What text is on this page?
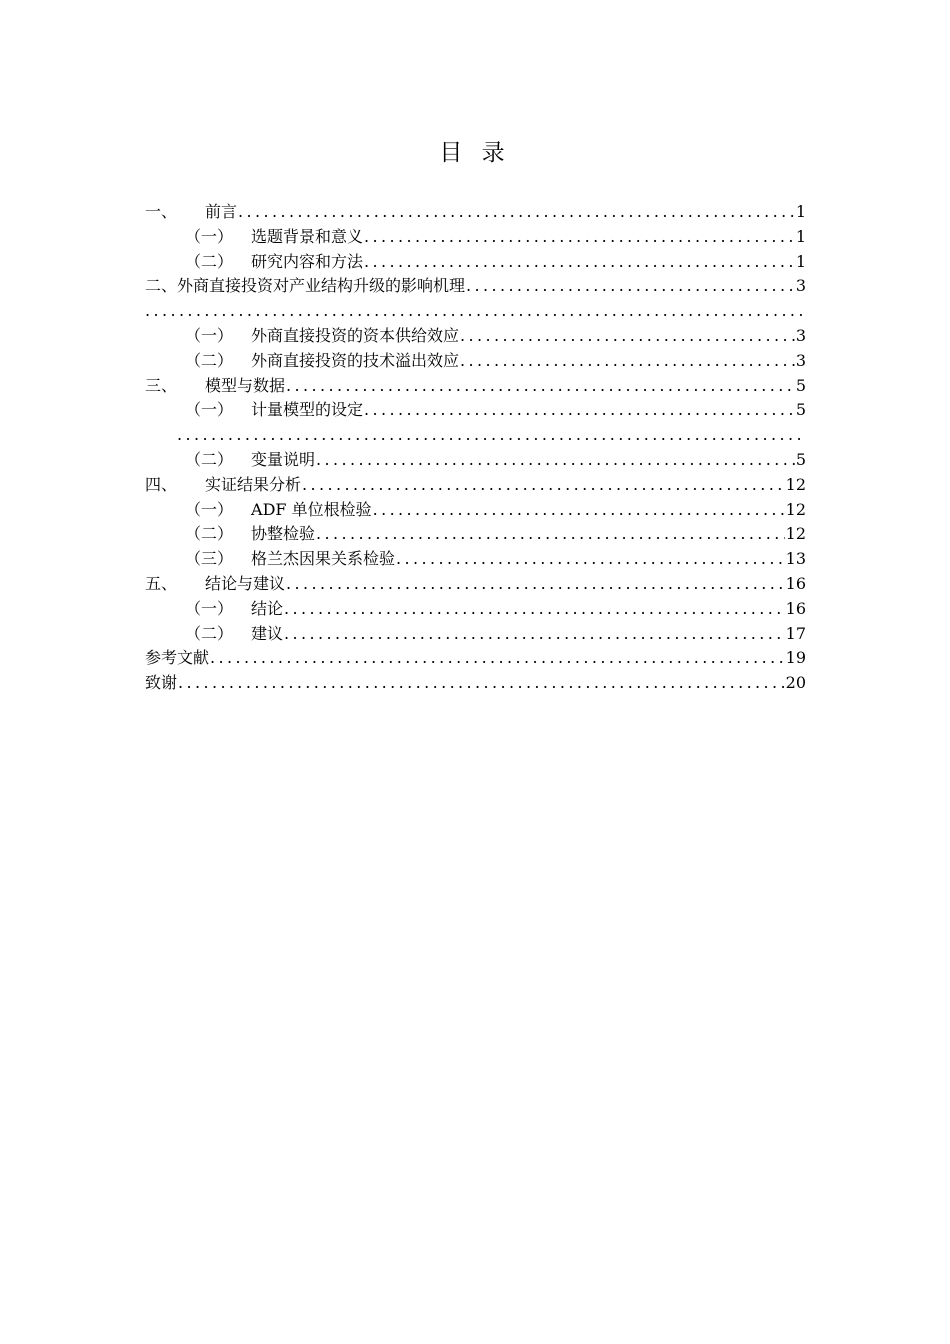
目 录
一、 前言 .....	1
（一） 选题背景和意义 .....	1
（二） 研究内容和方法 .....	1
二、外商直接投资对产业结构升级的影响机理 .....	3
.....
（一） 外商直接投资的资本供给效应 .....	3
（二） 外商直接投资的技术溢出效应 .....	3
三、 模型与数据 .....	5
（一） 计量模型的设定 .....	5
.....
（二） 变量说明 .....	5
四、 实证结果分析 .....	12
（一） ADF 单位根检验 .....	12
（二） 协整检验 .....	12
（三） 格兰杰因果关系检验 .....	13
五、 结论与建议 .....	16
（一） 结论 .....	16
（二） 建议 .....	17
参考文献 .....	19
致谢 .....	20
